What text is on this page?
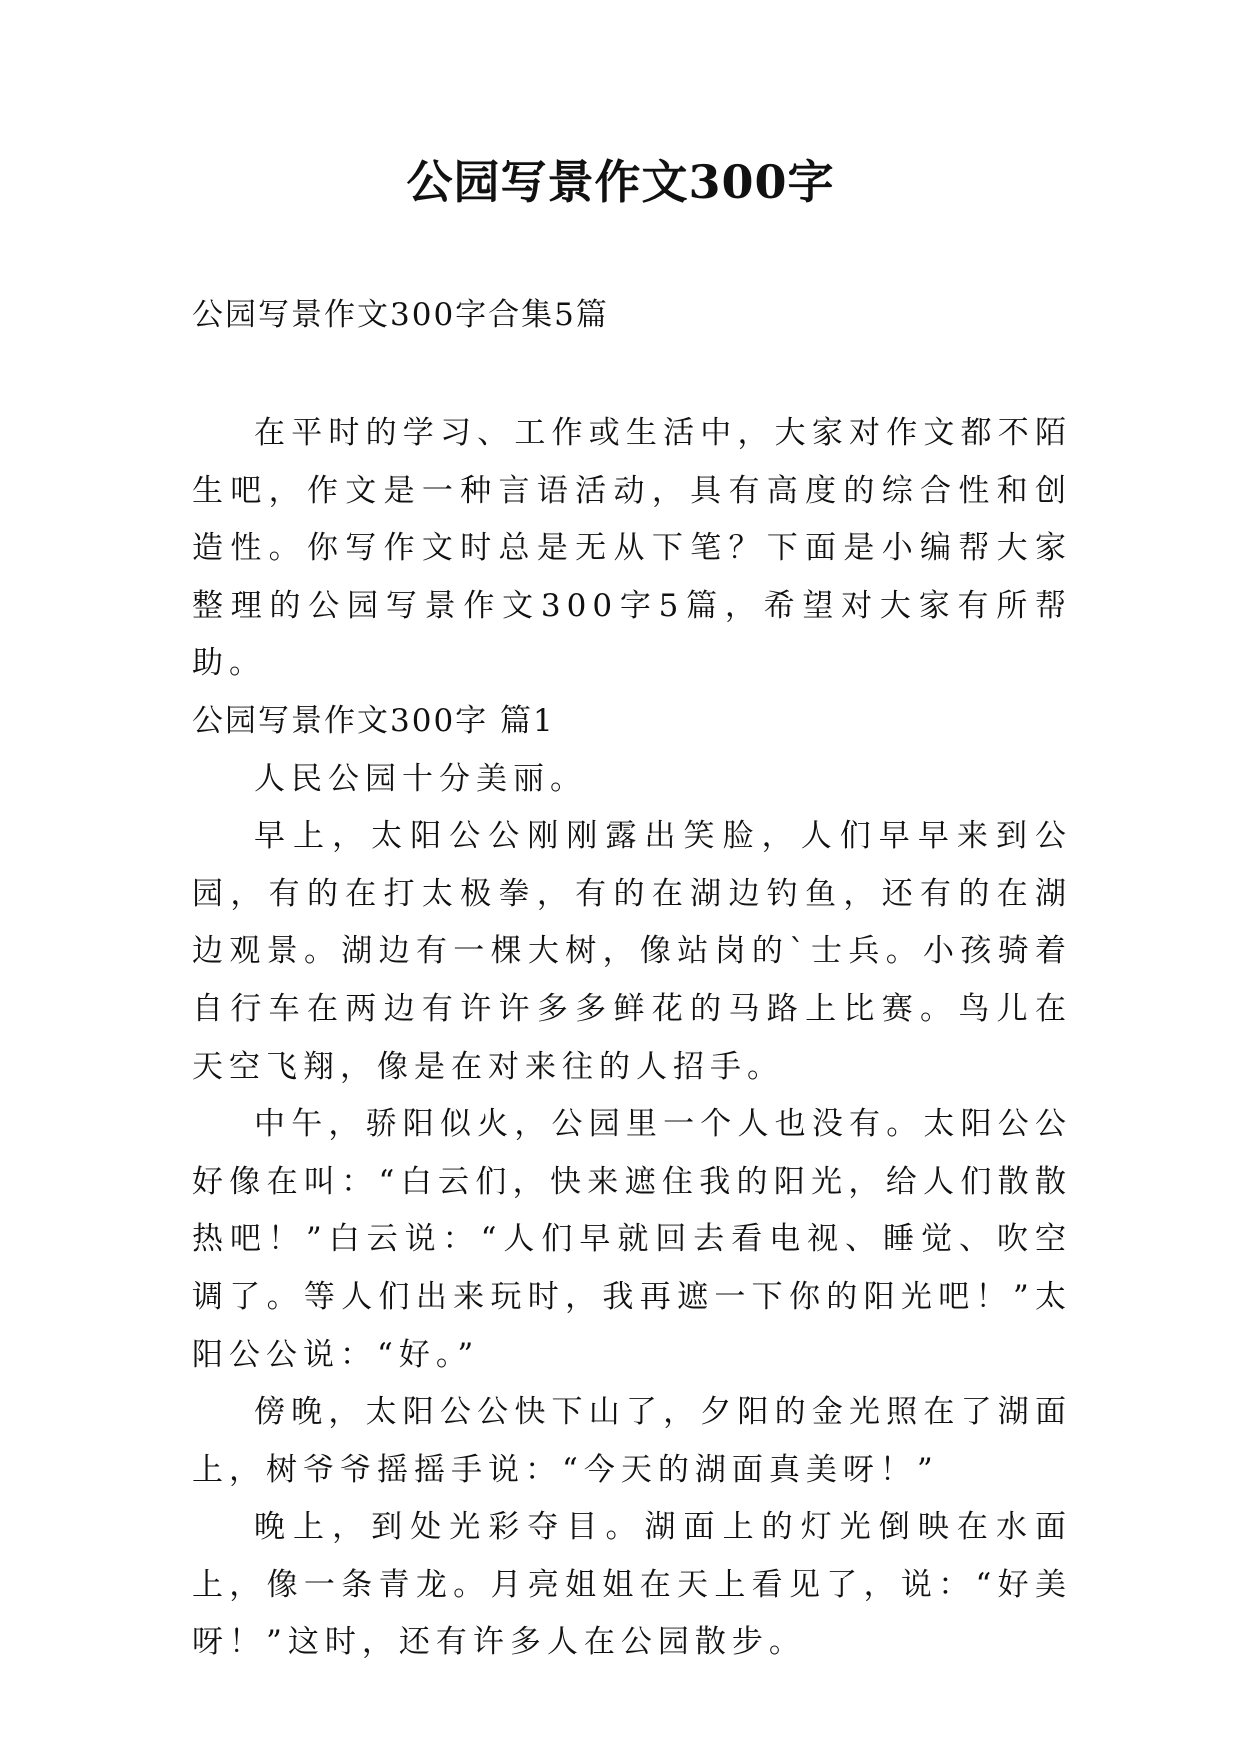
公园写景作文300字
公园写景作文300字合集5篇

在平时的学习、工作或生活中，大家对作文都不陌生吧，作文是一种言语活动，具有高度的综合性和创造性。你写作文时总是无从下笔？下面是小编帮大家整理的公园写景作文300字5篇，希望对大家有所帮助。

公园写景作文300字 篇1

人民公园十分美丽。

早上，太阳公公刚刚露出笑脸，人们早早来到公园，有的在打太极拳，有的在湖边钓鱼，还有的在湖边观景。湖边有一棵大树，像站岗的`士兵。小孩骑着自行车在两边有许许多多鲜花的马路上比赛。鸟儿在天空飞翔，像是在对来往的人招手。

中午，骄阳似火，公园里一个人也没有。太阳公公好像在叫：“白云们，快来遮住我的阳光，给人们散散热吧！”白云说：“人们早就回去看电视、睡觉、吹空调了。等人们出来玩时，我再遮一下你的阳光吧！”太阳公公说：“好。”

傍晚，太阳公公快下山了，夕阳的金光照在了湖面上，树爷爷摇摇手说：“今天的湖面真美呀！”

晚上，到处光彩夺目。湖面上的灯光倒映在水面上，像一条青龙。月亮姐姐在天上看见了，说：“好美呀！”这时，还有许多人在公园散步。
